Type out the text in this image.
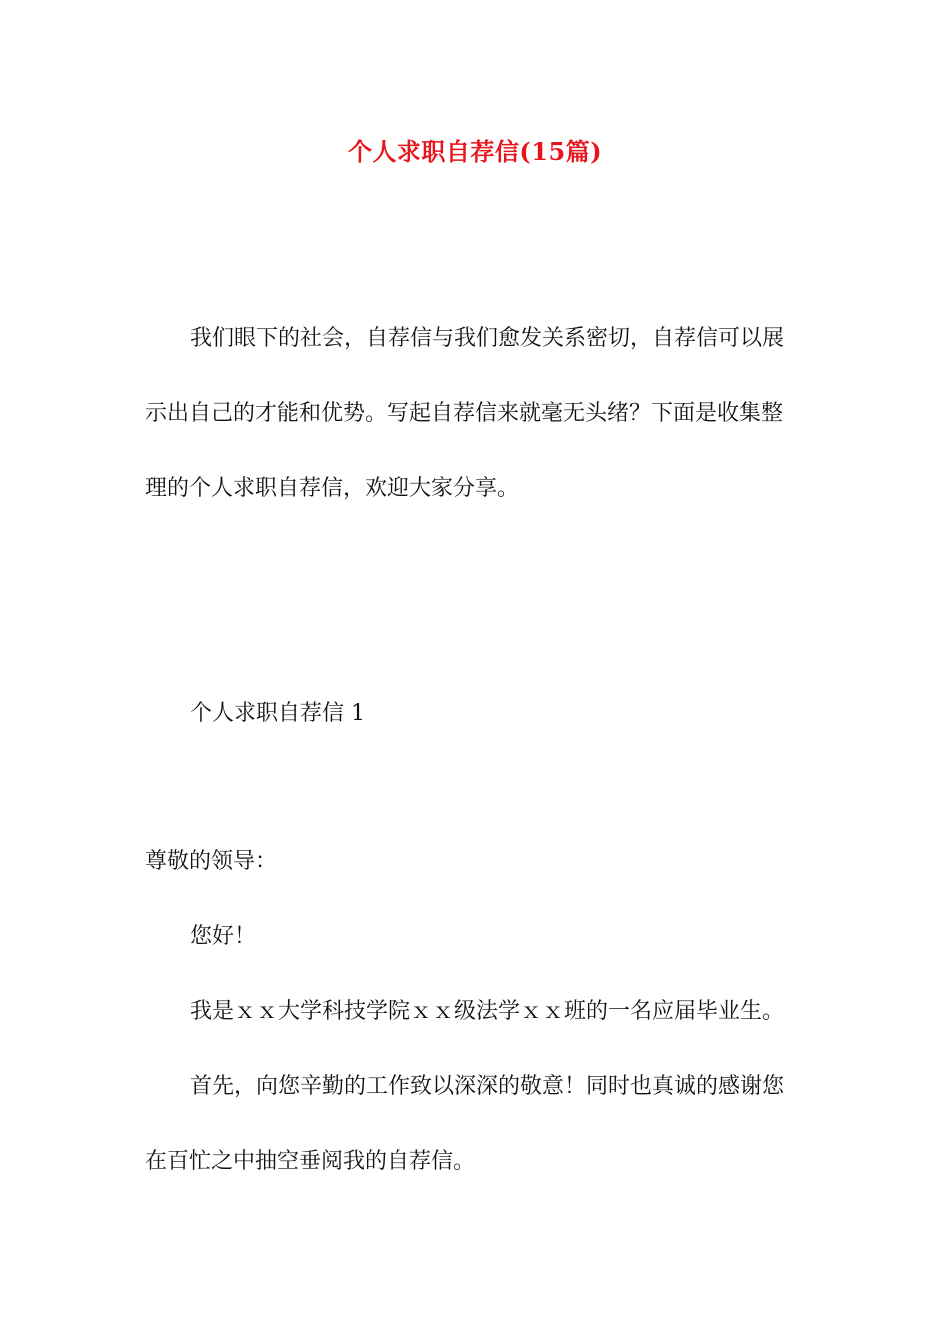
个人求职自荐信(15篇)
我们眼下的社会，自荐信与我们愈发关系密切，自荐信可以展
示出自己的才能和优势。写起自荐信来就毫无头绪？下面是收集整
理的个人求职自荐信，欢迎大家分享。
个人求职自荐信 1
尊敬的领导：
您好！
我是ｘｘ大学科技学院ｘｘ级法学ｘｘ班的一名应届毕业生。
首先，向您辛勤的工作致以深深的敬意！同时也真诚的感谢您
在百忙之中抽空垂阅我的自荐信。
